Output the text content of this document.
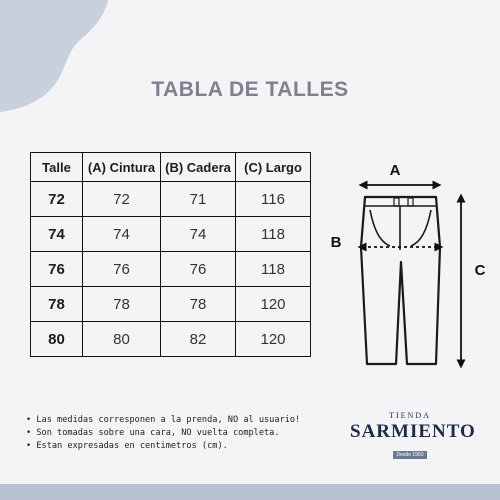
TABLA DE TALLES
Talle	(A) Cintura	(B) Cadera	(C) Largo
72	72	71	116
74	74	74	118
76	76	76	118
78	78	78	120
80	80	82	120
A
B
C
• Las medidas corresponen a la prenda, NO al usuario!
• Son tomadas sobre una cara, NO vuelta completa.
• Estan expresadas en centimetros (cm).
TIENDA
SARMIENTO
Desde 1950
